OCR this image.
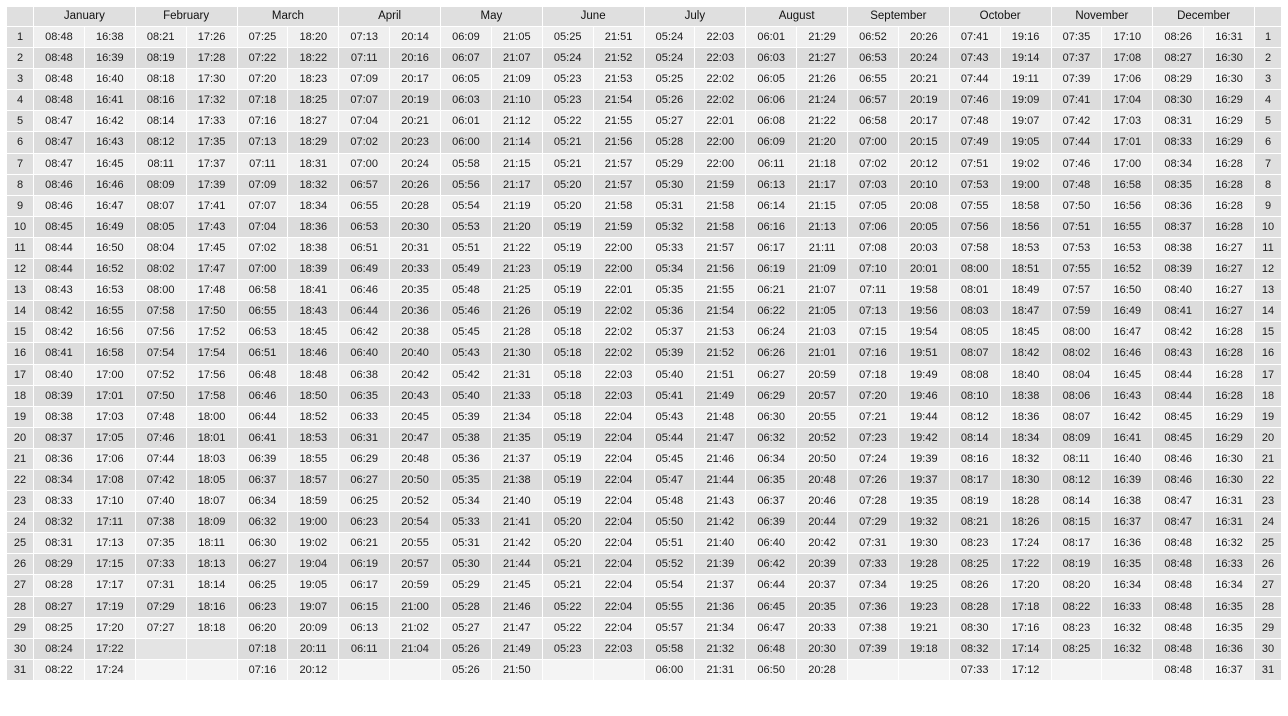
	January		February		March		April		May		June		July		August		September		October		November		December		
1	08:48	16:38	08:21	17:26	07:25	18:20	07:13	20:14	06:09	21:05	05:25	21:51	05:24	22:03	06:01	21:29	06:52	20:26	07:41	19:16	07:35	17:10	08:26	16:31	1
2	08:48	16:39	08:19	17:28	07:22	18:22	07:11	20:16	06:07	21:07	05:24	21:52	05:24	22:03	06:03	21:27	06:53	20:24	07:43	19:14	07:37	17:08	08:27	16:30	2
3	08:48	16:40	08:18	17:30	07:20	18:23	07:09	20:17	06:05	21:09	05:23	21:53	05:25	22:02	06:05	21:26	06:55	20:21	07:44	19:11	07:39	17:06	08:29	16:30	3
4	08:48	16:41	08:16	17:32	07:18	18:25	07:07	20:19	06:03	21:10	05:23	21:54	05:26	22:02	06:06	21:24	06:57	20:19	07:46	19:09	07:41	17:04	08:30	16:29	4
5	08:47	16:42	08:14	17:33	07:16	18:27	07:04	20:21	06:01	21:12	05:22	21:55	05:27	22:01	06:08	21:22	06:58	20:17	07:48	19:07	07:42	17:03	08:31	16:29	5
6	08:47	16:43	08:12	17:35	07:13	18:29	07:02	20:23	06:00	21:14	05:21	21:56	05:28	22:00	06:09	21:20	07:00	20:15	07:49	19:05	07:44	17:01	08:33	16:29	6
7	08:47	16:45	08:11	17:37	07:11	18:31	07:00	20:24	05:58	21:15	05:21	21:57	05:29	22:00	06:11	21:18	07:02	20:12	07:51	19:02	07:46	17:00	08:34	16:28	7
8	08:46	16:46	08:09	17:39	07:09	18:32	06:57	20:26	05:56	21:17	05:20	21:57	05:30	21:59	06:13	21:17	07:03	20:10	07:53	19:00	07:48	16:58	08:35	16:28	8
9	08:46	16:47	08:07	17:41	07:07	18:34	06:55	20:28	05:54	21:19	05:20	21:58	05:31	21:58	06:14	21:15	07:05	20:08	07:55	18:58	07:50	16:56	08:36	16:28	9
10	08:45	16:49	08:05	17:43	07:04	18:36	06:53	20:30	05:53	21:20	05:19	21:59	05:32	21:58	06:16	21:13	07:06	20:05	07:56	18:56	07:51	16:55	08:37	16:28	10
11	08:44	16:50	08:04	17:45	07:02	18:38	06:51	20:31	05:51	21:22	05:19	22:00	05:33	21:57	06:17	21:11	07:08	20:03	07:58	18:53	07:53	16:53	08:38	16:27	11
12	08:44	16:52	08:02	17:47	07:00	18:39	06:49	20:33	05:49	21:23	05:19	22:00	05:34	21:56	06:19	21:09	07:10	20:01	08:00	18:51	07:55	16:52	08:39	16:27	12
13	08:43	16:53	08:00	17:48	06:58	18:41	06:46	20:35	05:48	21:25	05:19	22:01	05:35	21:55	06:21	21:07	07:11	19:58	08:01	18:49	07:57	16:50	08:40	16:27	13
14	08:42	16:55	07:58	17:50	06:55	18:43	06:44	20:36	05:46	21:26	05:19	22:02	05:36	21:54	06:22	21:05	07:13	19:56	08:03	18:47	07:59	16:49	08:41	16:27	14
15	08:42	16:56	07:56	17:52	06:53	18:45	06:42	20:38	05:45	21:28	05:18	22:02	05:37	21:53	06:24	21:03	07:15	19:54	08:05	18:45	08:00	16:47	08:42	16:28	15
16	08:41	16:58	07:54	17:54	06:51	18:46	06:40	20:40	05:43	21:30	05:18	22:02	05:39	21:52	06:26	21:01	07:16	19:51	08:07	18:42	08:02	16:46	08:43	16:28	16
17	08:40	17:00	07:52	17:56	06:48	18:48	06:38	20:42	05:42	21:31	05:18	22:03	05:40	21:51	06:27	20:59	07:18	19:49	08:08	18:40	08:04	16:45	08:44	16:28	17
18	08:39	17:01	07:50	17:58	06:46	18:50	06:35	20:43	05:40	21:33	05:18	22:03	05:41	21:49	06:29	20:57	07:20	19:46	08:10	18:38	08:06	16:43	08:44	16:28	18
19	08:38	17:03	07:48	18:00	06:44	18:52	06:33	20:45	05:39	21:34	05:18	22:04	05:43	21:48	06:30	20:55	07:21	19:44	08:12	18:36	08:07	16:42	08:45	16:29	19
20	08:37	17:05	07:46	18:01	06:41	18:53	06:31	20:47	05:38	21:35	05:19	22:04	05:44	21:47	06:32	20:52	07:23	19:42	08:14	18:34	08:09	16:41	08:45	16:29	20
21	08:36	17:06	07:44	18:03	06:39	18:55	06:29	20:48	05:36	21:37	05:19	22:04	05:45	21:46	06:34	20:50	07:24	19:39	08:16	18:32	08:11	16:40	08:46	16:30	21
22	08:34	17:08	07:42	18:05	06:37	18:57	06:27	20:50	05:35	21:38	05:19	22:04	05:47	21:44	06:35	20:48	07:26	19:37	08:17	18:30	08:12	16:39	08:46	16:30	22
23	08:33	17:10	07:40	18:07	06:34	18:59	06:25	20:52	05:34	21:40	05:19	22:04	05:48	21:43	06:37	20:46	07:28	19:35	08:19	18:28	08:14	16:38	08:47	16:31	23
24	08:32	17:11	07:38	18:09	06:32	19:00	06:23	20:54	05:33	21:41	05:20	22:04	05:50	21:42	06:39	20:44	07:29	19:32	08:21	18:26	08:15	16:37	08:47	16:31	24
25	08:31	17:13	07:35	18:11	06:30	19:02	06:21	20:55	05:31	21:42	05:20	22:04	05:51	21:40	06:40	20:42	07:31	19:30	08:23	17:24	08:17	16:36	08:48	16:32	25
26	08:29	17:15	07:33	18:13	06:27	19:04	06:19	20:57	05:30	21:44	05:21	22:04	05:52	21:39	06:42	20:39	07:33	19:28	08:25	17:22	08:19	16:35	08:48	16:33	26
27	08:28	17:17	07:31	18:14	06:25	19:05	06:17	20:59	05:29	21:45	05:21	22:04	05:54	21:37	06:44	20:37	07:34	19:25	08:26	17:20	08:20	16:34	08:48	16:34	27
28	08:27	17:19	07:29	18:16	06:23	19:07	06:15	21:00	05:28	21:46	05:22	22:04	05:55	21:36	06:45	20:35	07:36	19:23	08:28	17:18	08:22	16:33	08:48	16:35	28
29	08:25	17:20	07:27	18:18	06:20	20:09	06:13	21:02	05:27	21:47	05:22	22:04	05:57	21:34	06:47	20:33	07:38	19:21	08:30	17:16	08:23	16:32	08:48	16:35	29
30	08:24	17:22			07:18	20:11	06:11	21:04	05:26	21:49	05:23	22:03	05:58	21:32	06:48	20:30	07:39	19:18	08:32	17:14	08:25	16:32	08:48	16:36	30
31	08:22	17:24			07:16	20:12			05:26	21:50			06:00	21:31	06:50	20:28			07:33	17:12			08:48	16:37	31
